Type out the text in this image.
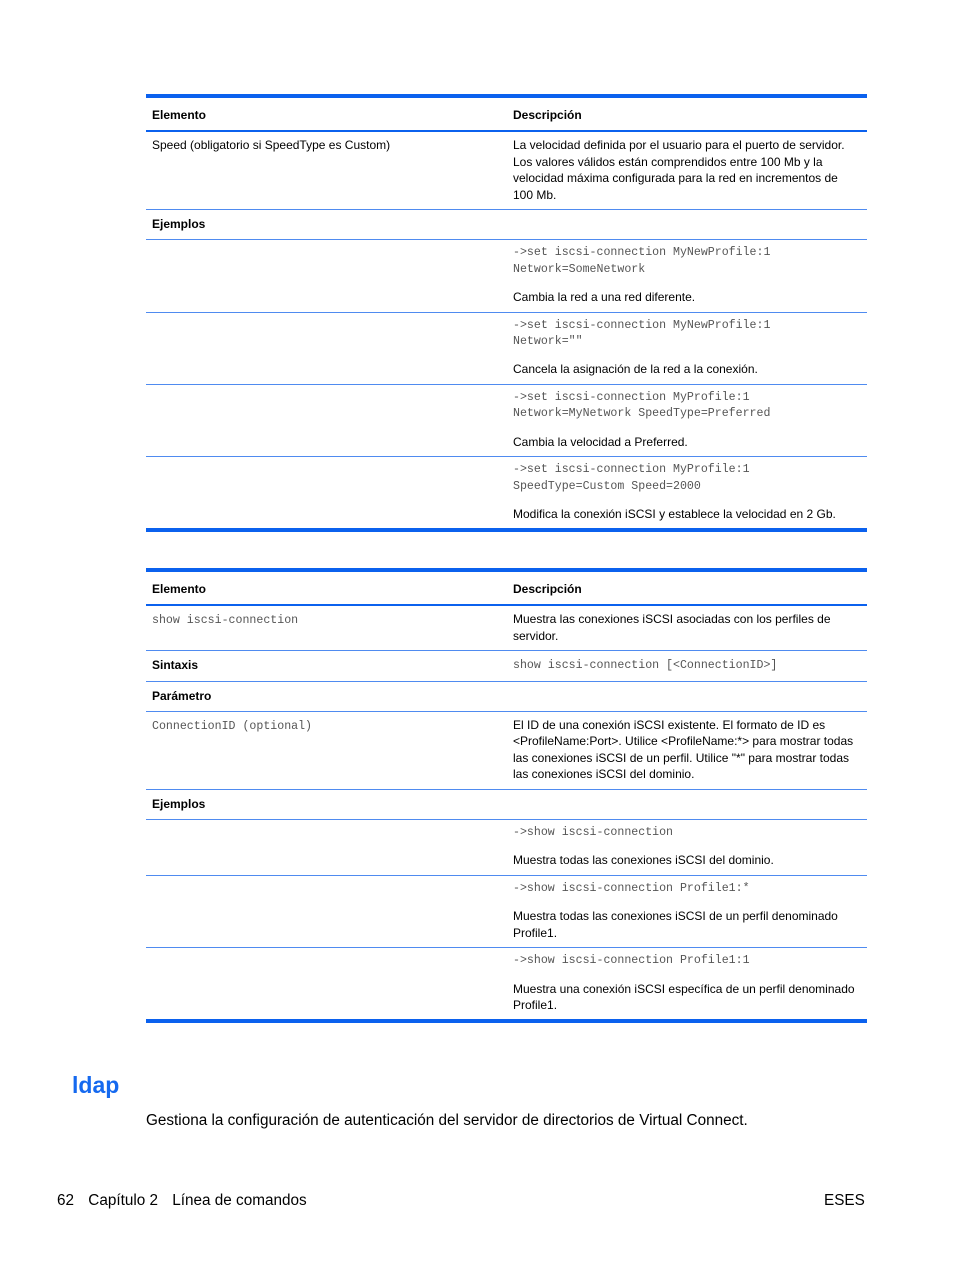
Elemento	Descripción
Speed (obligatorio si SpeedType es Custom)	La velocidad definida por el usuario para el puerto de servidor. Los valores válidos están comprendidos entre 100 Mb y la velocidad máxima configurada para la red en incrementos de 100 Mb.
Ejemplos	

	->set iscsi-connection MyNewProfile:1
Network=SomeNetwork
Cambia la red a una red diferente.

	->set iscsi-connection MyNewProfile:1
Network=""
Cancela la asignación de la red a la conexión.

	->set iscsi-connection MyProfile:1
Network=MyNetwork SpeedType=Preferred
Cambia la velocidad a Preferred.

	->set iscsi-connection MyProfile:1
SpeedType=Custom Speed=2000
Modifica la conexión iSCSI y establece la velocidad en 2 Gb.
Elemento	Descripción
show iscsi-connection	Muestra las conexiones iSCSI asociadas con los perfiles de servidor.
Sintaxis	show iscsi-connection [<ConnectionID>]
Parámetro	
ConnectionID (optional)	El ID de una conexión iSCSI existente. El formato de ID es <ProfileName:Port>. Utilice <ProfileName:*> para mostrar todas las conexiones iSCSI de un perfil. Utilice "*" para mostrar todas las conexiones iSCSI del dominio.
Ejemplos	

	->show iscsi-connection
Muestra todas las conexiones iSCSI del dominio.

	->show iscsi-connection Profile1:*
Muestra todas las conexiones iSCSI de un perfil denominado Profile1.

	->show iscsi-connection Profile1:1
Muestra una conexión iSCSI específica de un perfil denominado Profile1.
ldap

Gestiona la configuración de autenticación del servidor de directorios de Virtual Connect.

62 Capítulo 2 Línea de comandos	ESES
